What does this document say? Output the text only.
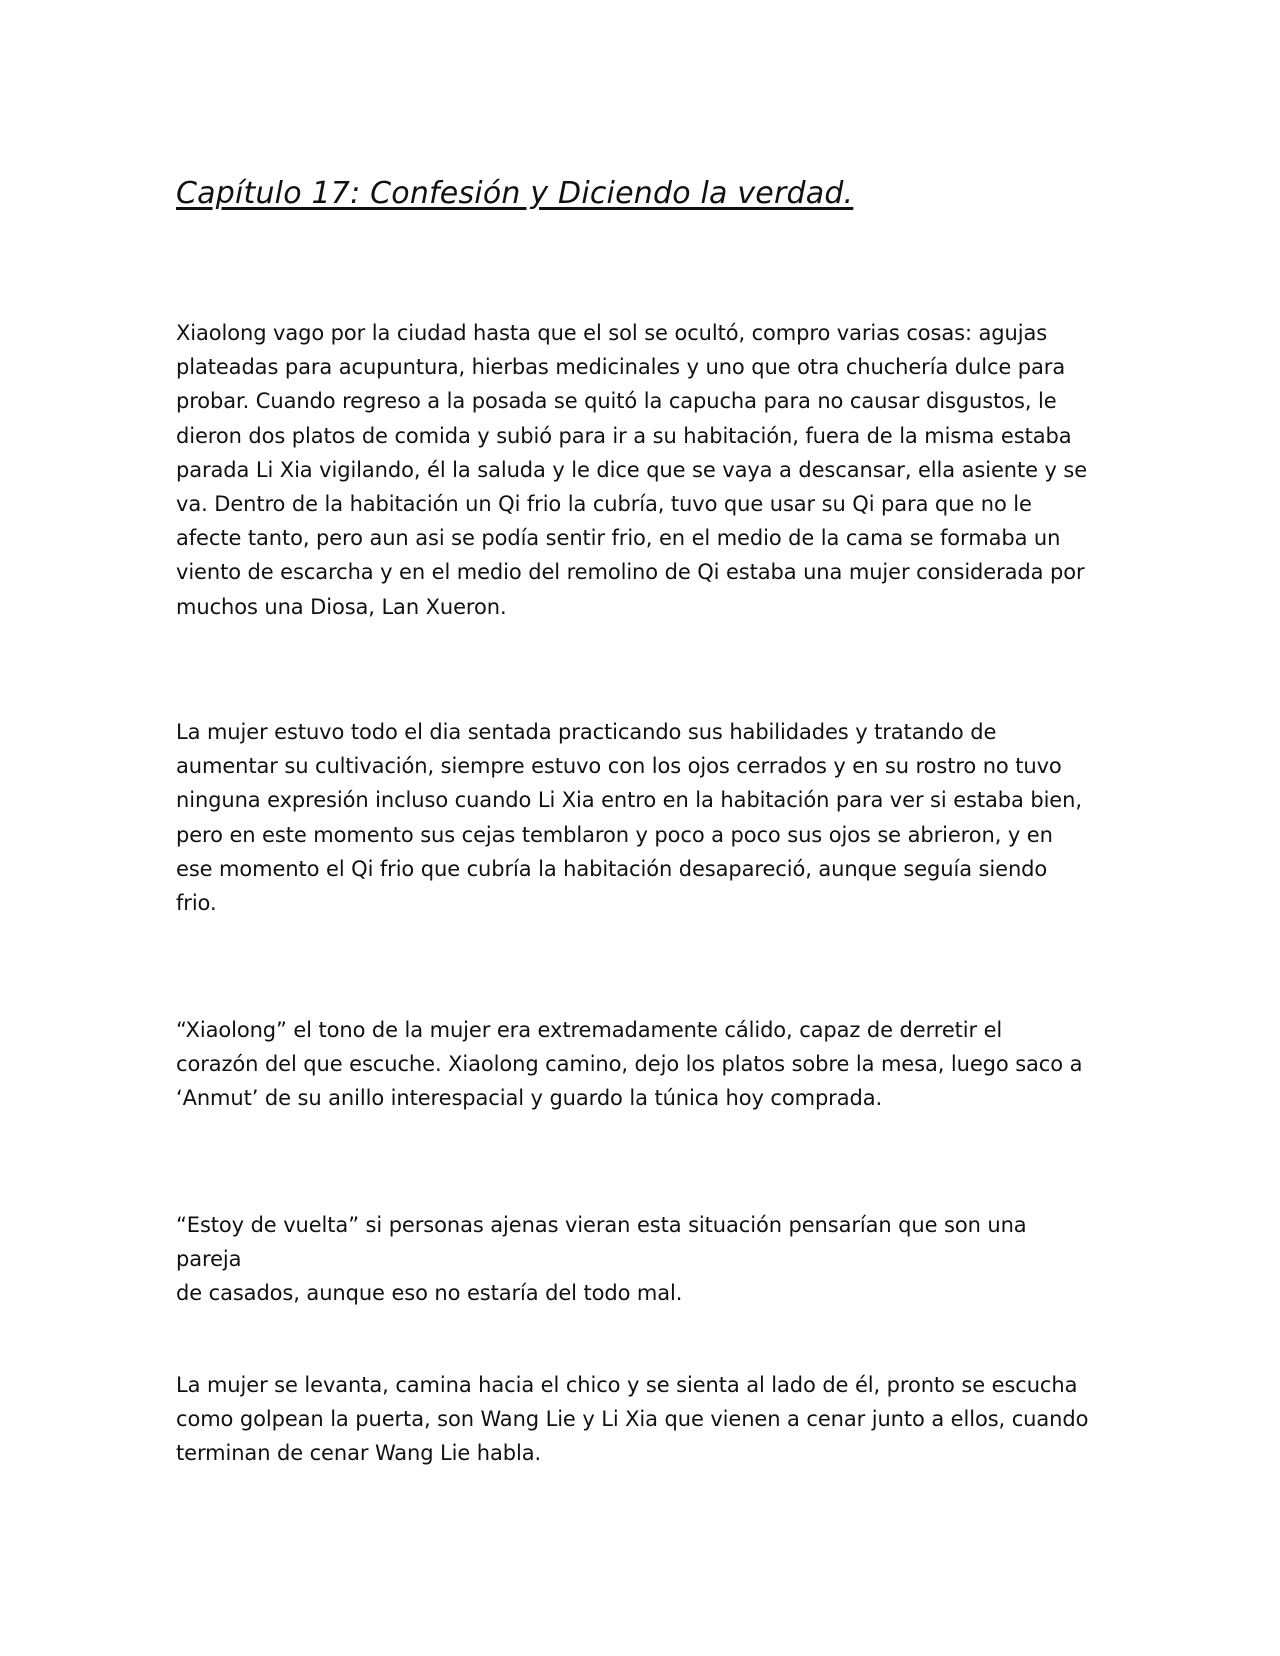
Capítulo 17: Confesión y Diciendo la verdad.

Xiaolong vago por la ciudad hasta que el sol se ocultó, compro varias cosas: agujas
plateadas para acupuntura, hierbas medicinales y uno que otra chuchería dulce para
probar. Cuando regreso a la posada se quitó la capucha para no causar disgustos, le
dieron dos platos de comida y subió para ir a su habitación, fuera de la misma estaba
parada Li Xia vigilando, él la saluda y le dice que se vaya a descansar, ella asiente y se
va. Dentro de la habitación un Qi frio la cubría, tuvo que usar su Qi para que no le
afecte tanto, pero aun asi se podía sentir frio, en el medio de la cama se formaba un
viento de escarcha y en el medio del remolino de Qi estaba una mujer considerada por
muchos una Diosa, Lan Xueron.

La mujer estuvo todo el dia sentada practicando sus habilidades y tratando de
aumentar su cultivación, siempre estuvo con los ojos cerrados y en su rostro no tuvo
ninguna expresión incluso cuando Li Xia entro en la habitación para ver si estaba bien,
pero en este momento sus cejas temblaron y poco a poco sus ojos se abrieron, y en
ese momento el Qi frio que cubría la habitación desapareció, aunque seguía siendo
frio.

“Xiaolong” el tono de la mujer era extremadamente cálido, capaz de derretir el
corazón del que escuche. Xiaolong camino, dejo los platos sobre la mesa, luego saco a
‘Anmut’ de su anillo interespacial y guardo la túnica hoy comprada.

“Estoy de vuelta” si personas ajenas vieran esta situación pensarían que son una pareja
de casados, aunque eso no estaría del todo mal.

La mujer se levanta, camina hacia el chico y se sienta al lado de él, pronto se escucha
como golpean la puerta, son Wang Lie y Li Xia que vienen a cenar junto a ellos, cuando
terminan de cenar Wang Lie habla.
